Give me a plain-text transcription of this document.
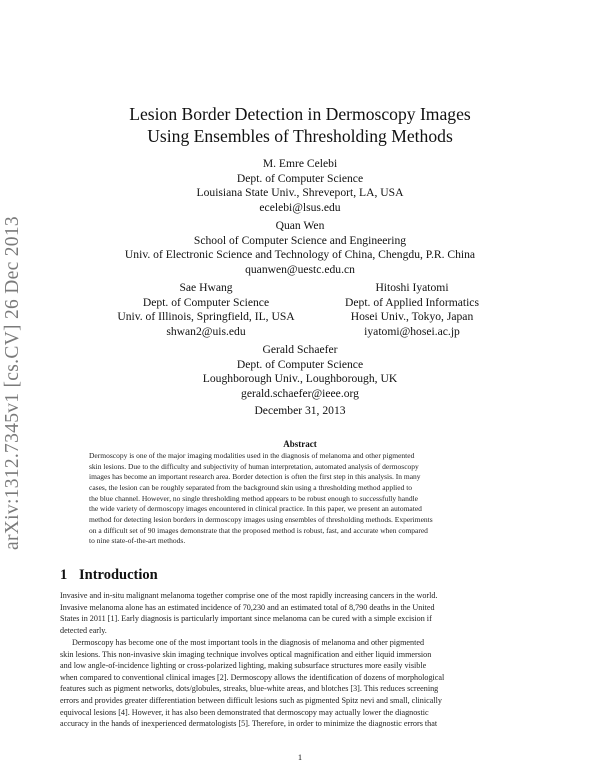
arXiv:1312.7345v1 [cs.CV] 26 Dec 2013
Lesion Border Detection in Dermoscopy Images
Using Ensembles of Thresholding Methods
M. Emre Celebi
Dept. of Computer Science
Louisiana State Univ., Shreveport, LA, USA
ecelebi@lsus.edu
Quan Wen
School of Computer Science and Engineering
Univ. of Electronic Science and Technology of China, Chengdu, P.R. China
quanwen@uestc.edu.cn
Sae Hwang
Dept. of Computer Science
Univ. of Illinois, Springfield, IL, USA
shwan2@uis.edu
Hitoshi Iyatomi
Dept. of Applied Informatics
Hosei Univ., Tokyo, Japan
iyatomi@hosei.ac.jp
Gerald Schaefer
Dept. of Computer Science
Loughborough Univ., Loughborough, UK
gerald.schaefer@ieee.org
December 31, 2013
Abstract
Dermoscopy is one of the major imaging modalities used in the diagnosis of melanoma and other pigmented
skin lesions. Due to the difficulty and subjectivity of human interpretation, automated analysis of dermoscopy
images has become an important research area. Border detection is often the first step in this analysis. In many
cases, the lesion can be roughly separated from the background skin using a thresholding method applied to
the blue channel. However, no single thresholding method appears to be robust enough to successfully handle
the wide variety of dermoscopy images encountered in clinical practice. In this paper, we present an automated
method for detecting lesion borders in dermoscopy images using ensembles of thresholding methods. Experiments
on a difficult set of 90 images demonstrate that the proposed method is robust, fast, and accurate when compared
to nine state-of-the-art methods.
1 Introduction
Invasive and in-situ malignant melanoma together comprise one of the most rapidly increasing cancers in the world.
Invasive melanoma alone has an estimated incidence of 70,230 and an estimated total of 8,790 deaths in the United
States in 2011 [1]. Early diagnosis is particularly important since melanoma can be cured with a simple excision if
detected early.
Dermoscopy has become one of the most important tools in the diagnosis of melanoma and other pigmented
skin lesions. This non-invasive skin imaging technique involves optical magnification and either liquid immersion
and low angle-of-incidence lighting or cross-polarized lighting, making subsurface structures more easily visible
when compared to conventional clinical images [2]. Dermoscopy allows the identification of dozens of morphological
features such as pigment networks, dots/globules, streaks, blue-white areas, and blotches [3]. This reduces screening
errors and provides greater differentiation between difficult lesions such as pigmented Spitz nevi and small, clinically
equivocal lesions [4]. However, it has also been demonstrated that dermoscopy may actually lower the diagnostic
accuracy in the hands of inexperienced dermatologists [5]. Therefore, in order to minimize the diagnostic errors that
1
